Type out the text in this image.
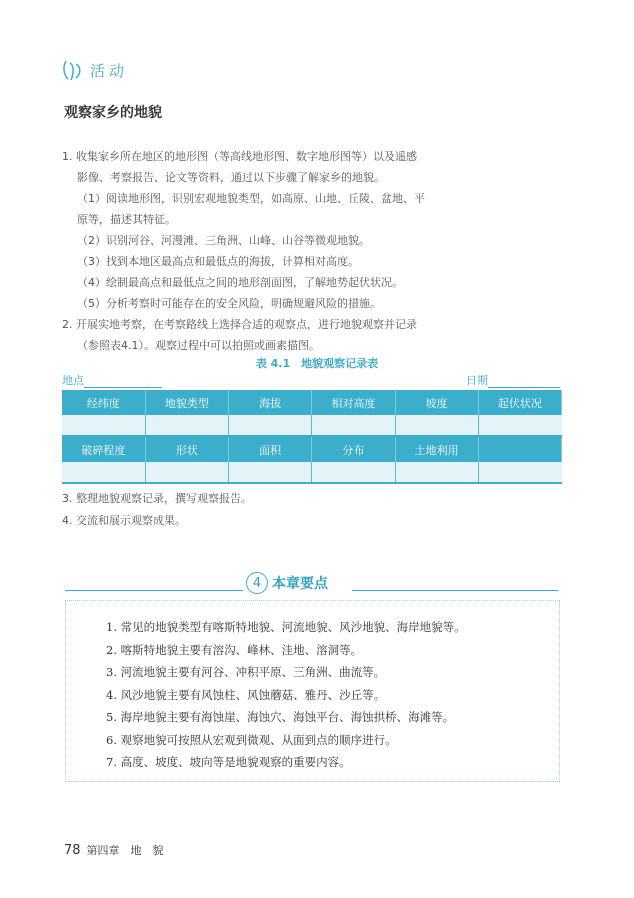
活动
观察家乡的地貌
1. 收集家乡所在地区的地形图（等高线地形图、数字地形图等）以及遥感
影像、考察报告、论文等资料，通过以下步骤了解家乡的地貌。
（1）阅读地形图，识别宏观地貌类型，如高原、山地、丘陵、盆地、平
原等，描述其特征。
（2）识别河谷、河漫滩、三角洲、山峰、山谷等微观地貌。
（3）找到本地区最高点和最低点的海拔，计算相对高度。
（4）绘制最高点和最低点之间的地形剖面图，了解地势起伏状况。
（5）分析考察时可能存在的安全风险，明确规避风险的措施。
2. 开展实地考察，在考察路线上选择合适的观察点，进行地貌观察并记录
（参照表4.1）。观察过程中可以拍照或画素描图。
表 4.1　地貌观察记录表
地点	日期
经纬度	地貌类型	海拔	相对高度	坡度	起伏状况

破碎程度	形状	面积	分布	土地利用	

3. 整理地貌观察记录，撰写观察报告。
4. 交流和展示观察成果。
4 本章要点
1. 常见的地貌类型有喀斯特地貌、河流地貌、风沙地貌、海岸地貌等。
2. 喀斯特地貌主要有溶沟、峰林、洼地、溶洞等。
3. 河流地貌主要有河谷、冲积平原、三角洲、曲流等。
4. 风沙地貌主要有风蚀柱、风蚀蘑菇、雅丹、沙丘等。
5. 海岸地貌主要有海蚀崖、海蚀穴、海蚀平台、海蚀拱桥、海滩等。
6. 观察地貌可按照从宏观到微观、从面到点的顺序进行。
7. 高度、坡度、坡向等是地貌观察的重要内容。
78 第四章　地　貌
